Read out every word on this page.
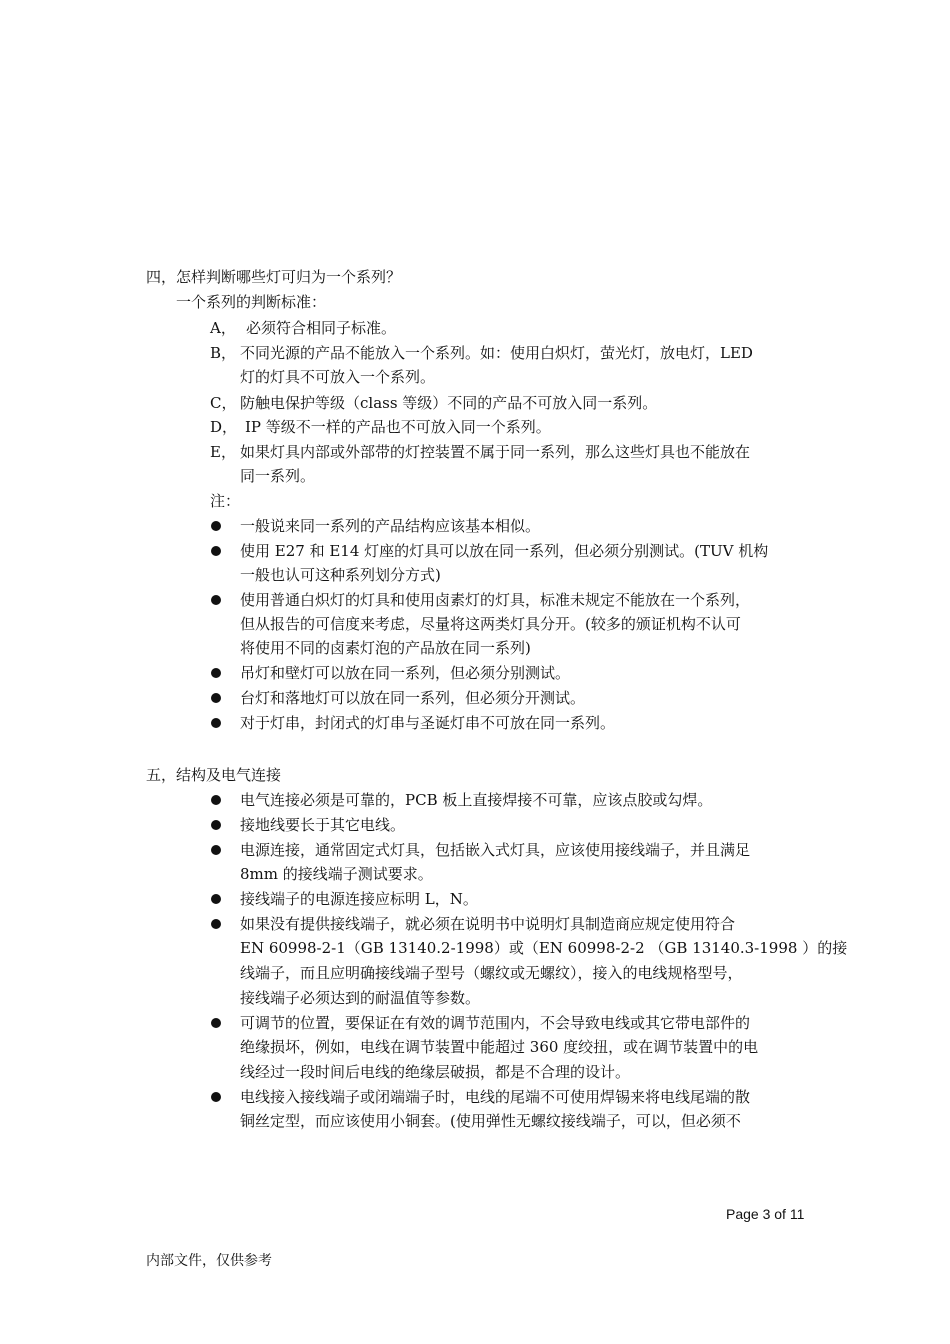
四，怎样判断哪些灯可归为一个系列？
一个系列的判断标准：
A， 必须符合相同子标准。
B， 不同光源的产品不能放入一个系列。如：使用白炽灯，萤光灯，放电灯，LED
灯的灯具不可放入一个系列。
C， 防触电保护等级（class 等级）不同的产品不可放入同一系列。
D， IP 等级不一样的产品也不可放入同一个系列。
E， 如果灯具内部或外部带的灯控装置不属于同一系列，那么这些灯具也不能放在
同一系列。
注：
一般说来同一系列的产品结构应该基本相似。
使用 E27 和 E14 灯座的灯具可以放在同一系列，但必须分别测试。(TUV 机构
一般也认可这种系列划分方式)
使用普通白炽灯的灯具和使用卤素灯的灯具，标准未规定不能放在一个系列，
但从报告的可信度来考虑，尽量将这两类灯具分开。(较多的颁证机构不认可
将使用不同的卤素灯泡的产品放在同一系列)
吊灯和壁灯可以放在同一系列，但必须分别测试。
台灯和落地灯可以放在同一系列，但必须分开测试。
对于灯串，封闭式的灯串与圣诞灯串不可放在同一系列。
五，结构及电气连接
电气连接必须是可靠的，PCB 板上直接焊接不可靠，应该点胶或勾焊。
接地线要长于其它电线。
电源连接，通常固定式灯具，包括嵌入式灯具，应该使用接线端子，并且满足
8mm 的接线端子测试要求。
接线端子的电源连接应标明 L，N。
如果没有提供接线端子，就必须在说明书中说明灯具制造商应规定使用符合
EN 60998-2-1（GB 13140.2-1998）或（EN 60998-2-2 （GB 13140.3-1998 ）的接
线端子，而且应明确接线端子型号（螺纹或无螺纹），接入的电线规格型号，
接线端子必须达到的耐温值等参数。
可调节的位置，要保证在有效的调节范围内，不会导致电线或其它带电部件的
绝缘损坏，例如，电线在调节装置中能超过 360 度绞扭，或在调节装置中的电
线经过一段时间后电线的绝缘层破损，都是不合理的设计。
电线接入接线端子或闭端端子时，电线的尾端不可使用焊锡来将电线尾端的散
铜丝定型，而应该使用小铜套。(使用弹性无螺纹接线端子，可以，但必须不
Page 3 of 11
内部文件，仅供参考
